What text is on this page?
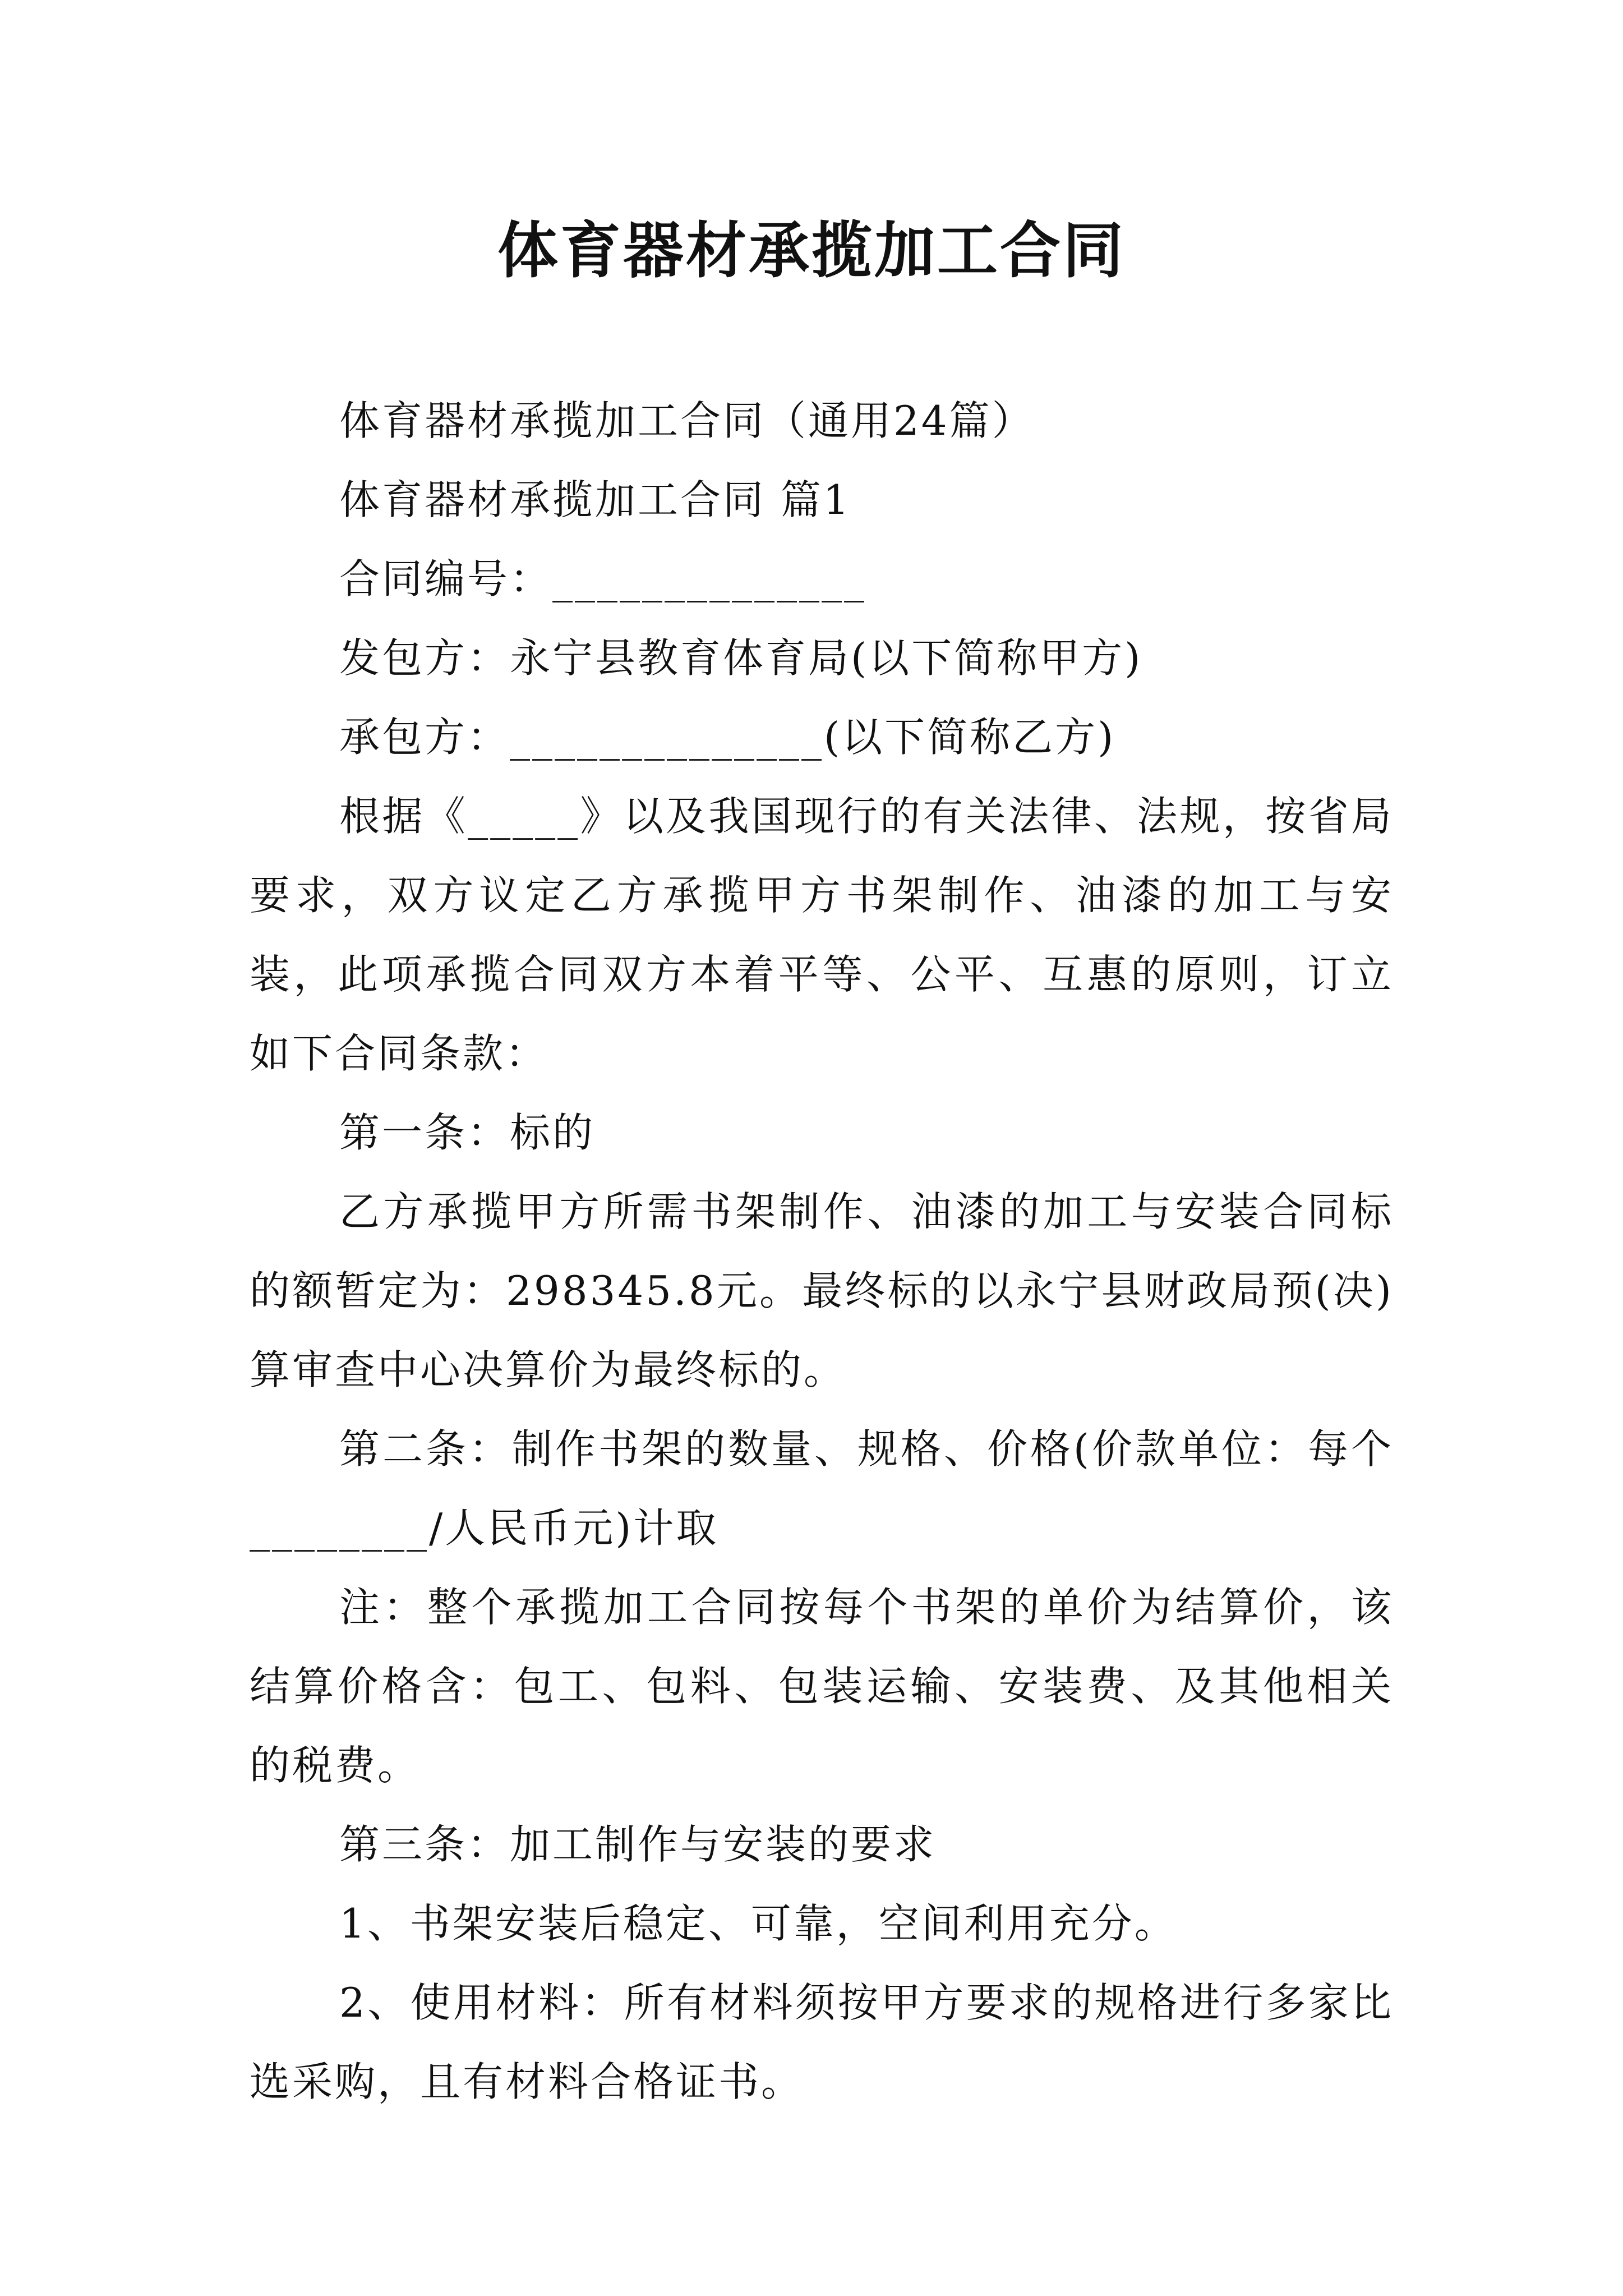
体育器材承揽加工合同

体育器材承揽加工合同（通用24篇）

体育器材承揽加工合同 篇1

合同编号：______________

发包方：永宁县教育体育局(以下简称甲方)

承包方：______________(以下简称乙方)

根据《_____》以及我国现行的有关法律、法规，按省局要求，双方议定乙方承揽甲方书架制作、油漆的加工与安装，此项承揽合同双方本着平等、公平、互惠的原则，订立如下合同条款：

第一条：标的

乙方承揽甲方所需书架制作、油漆的加工与安装合同标的额暂定为：298345.8元。最终标的以永宁县财政局预(决)算审查中心决算价为最终标的。

第二条：制作书架的数量、规格、价格(价款单位：每个________/人民币元)计取

注：整个承揽加工合同按每个书架的单价为结算价，该结算价格含：包工、包料、包装运输、安装费、及其他相关的税费。

第三条：加工制作与安装的要求

1、书架安装后稳定、可靠，空间利用充分。

2、使用材料：所有材料须按甲方要求的规格进行多家比选采购，且有材料合格证书。
